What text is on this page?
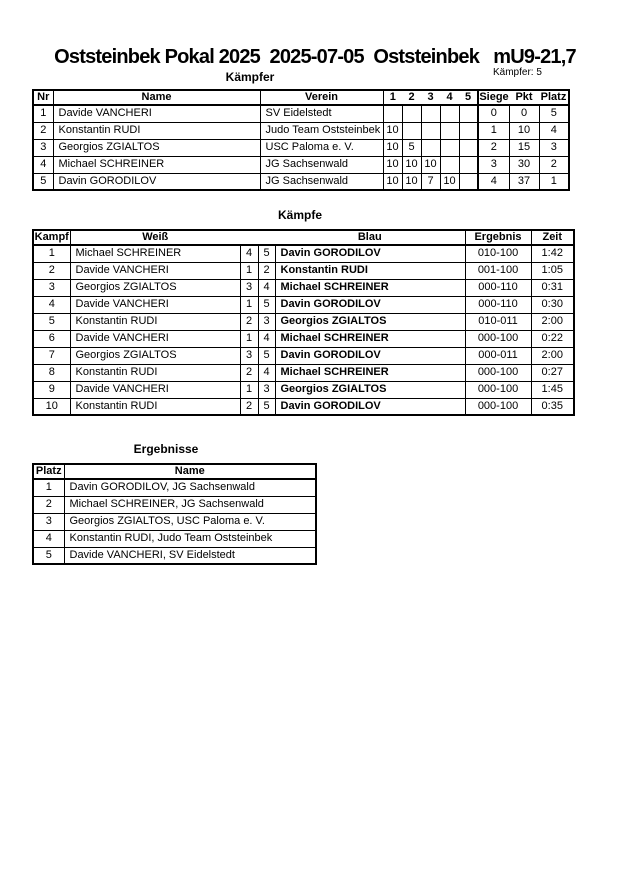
Oststeinbek Pokal 2025  2025-07-05  Oststeinbek   mU9-21,7
Kämpfer: 5
Kämpfer
Nr	Name	Verein	1	2	3	4	5	Siege	Pkt	Platz
1	Davide VANCHERI	SV Eidelstedt						0	0	5
2	Konstantin RUDI	Judo Team Oststeinbek	10					1	10	4
3	Georgios ZGIALTOS	USC Paloma e. V.	10	5				2	15	3
4	Michael SCHREINER	JG Sachsenwald	10	10	10			3	30	2
5	Davin GORODILOV	JG Sachsenwald	10	10	7	10		4	37	1
Kämpfe
Kampf	Weiß			Blau	Ergebnis	Zeit
1	Michael SCHREINER	4	5	Davin GORODILOV	010-100	1:42
2	Davide VANCHERI	1	2	Konstantin RUDI	001-100	1:05
3	Georgios ZGIALTOS	3	4	Michael SCHREINER	000-110	0:31
4	Davide VANCHERI	1	5	Davin GORODILOV	000-110	0:30
5	Konstantin RUDI	2	3	Georgios ZGIALTOS	010-011	2:00
6	Davide VANCHERI	1	4	Michael SCHREINER	000-100	0:22
7	Georgios ZGIALTOS	3	5	Davin GORODILOV	000-011	2:00
8	Konstantin RUDI	2	4	Michael SCHREINER	000-100	0:27
9	Davide VANCHERI	1	3	Georgios ZGIALTOS	000-100	1:45
10	Konstantin RUDI	2	5	Davin GORODILOV	000-100	0:35
Ergebnisse
Platz	Name
1	Davin GORODILOV, JG Sachsenwald
2	Michael SCHREINER, JG Sachsenwald
3	Georgios ZGIALTOS, USC Paloma e. V.
4	Konstantin RUDI, Judo Team Oststeinbek
5	Davide VANCHERI, SV Eidelstedt
